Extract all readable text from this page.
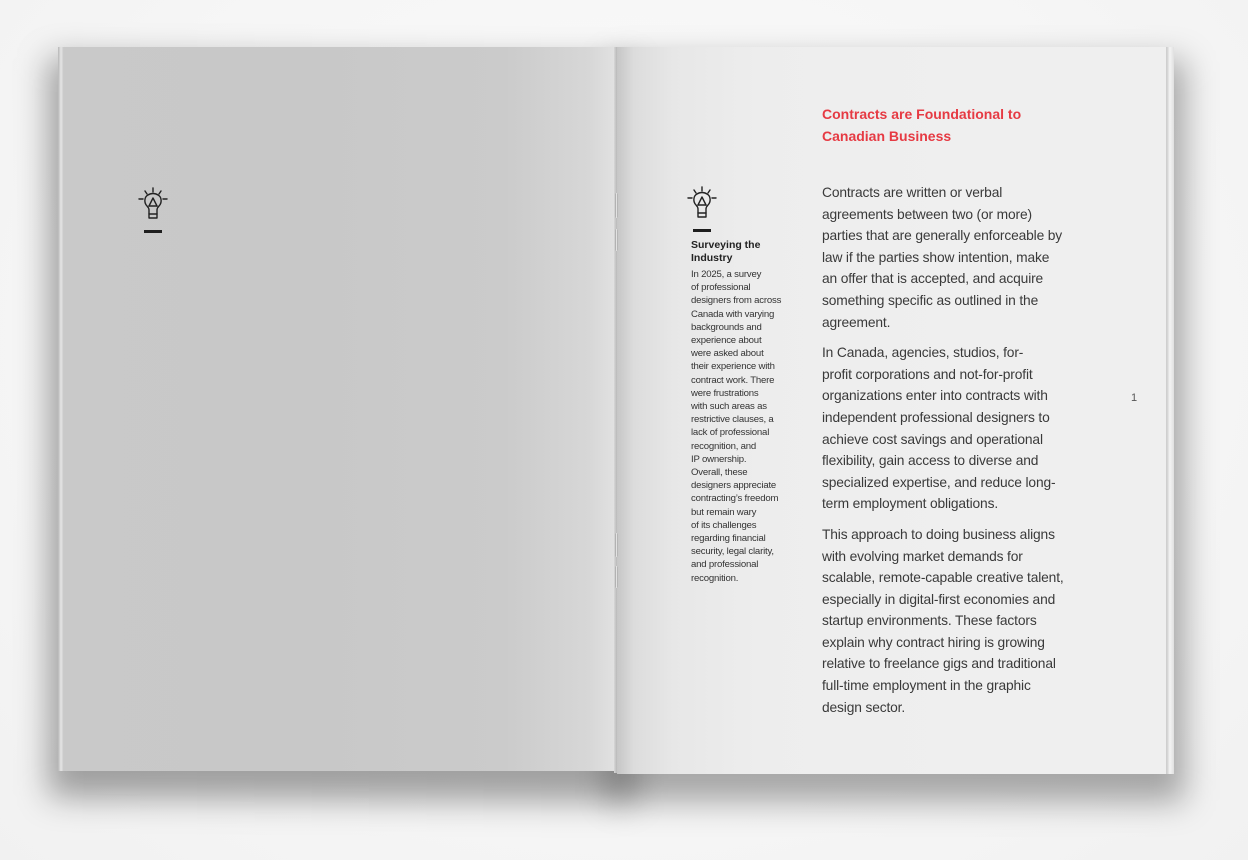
Contracts are Foundational to
Canadian Business
Surveying the
Industry
In 2025, a survey
of professional
designers from across
Canada with varying
backgrounds and
experience about
were asked about
their experience with
contract work. There
were frustrations
with such areas as
restrictive clauses, a
lack of professional
recognition, and
IP ownership.
Overall, these
designers appreciate
contracting’s freedom
but remain wary
of its challenges
regarding financial
security, legal clarity,
and professional
recognition.
Contracts are written or verbal
agreements between two (or more)
parties that are generally enforceable by
law if the parties show intention, make
an offer that is accepted, and acquire
something specific as outlined in the
agreement.
In Canada, agencies, studios, for-
profit corporations and not-for-profit
organizations enter into contracts with
independent professional designers to
achieve cost savings and operational
flexibility, gain access to diverse and
specialized expertise, and reduce long-
term employment obligations.
This approach to doing business aligns
with evolving market demands for
scalable, remote-capable creative talent,
especially in digital-first economies and
startup environments. These factors
explain why contract hiring is growing
relative to freelance gigs and traditional
full-time employment in the graphic
design sector.
1
